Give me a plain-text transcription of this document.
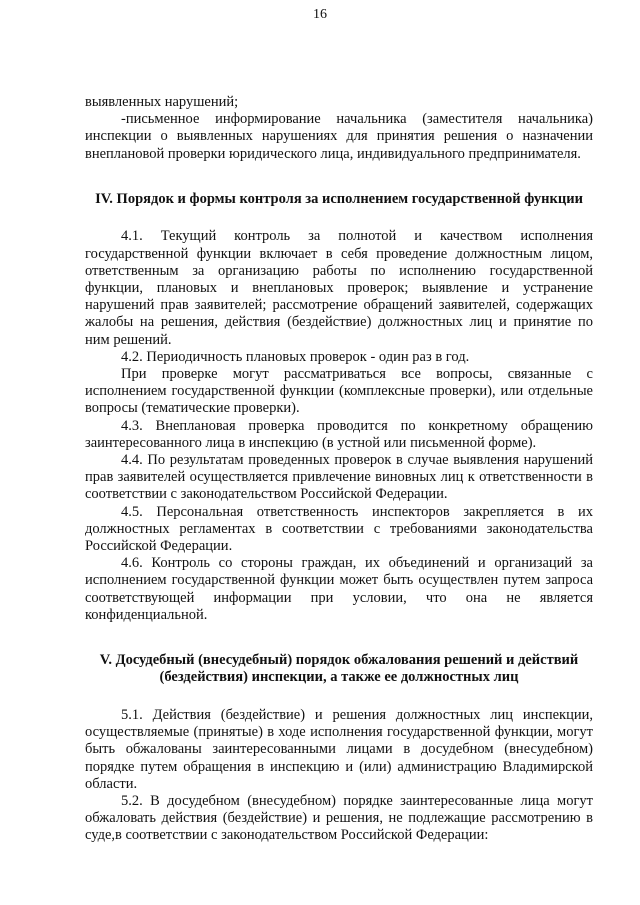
16

выявленных нарушений;

-письменное информирование начальника (заместителя начальника) инспекции о выявленных нарушениях для принятия решения о назначении внеплановой проверки юридического лица, индивидуального предпринимателя.

IV. Порядок и формы контроля за исполнением государственной функции

4.1. Текущий контроль за полнотой и качеством исполнения государственной функции включает в себя проведение должностным лицом, ответственным за организацию работы по исполнению государственной функции, плановых и внеплановых проверок; выявление и устранение нарушений прав заявителей; рассмотрение обращений заявителей, содержащих жалобы на решения, действия (бездействие) должностных лиц и принятие по ним решений.

4.2. Периодичность плановых проверок - один раз в год.

При проверке могут рассматриваться все вопросы, связанные с исполнением государственной функции (комплексные проверки), или отдельные вопросы (тематические проверки).

4.3. Внеплановая проверка проводится по конкретному обращению заинтересованного лица в инспекцию (в устной или письменной форме).

4.4. По результатам проведенных проверок в случае выявления нарушений прав заявителей осуществляется привлечение виновных лиц к ответственности в соответствии с законодательством Российской Федерации.

4.5. Персональная ответственность инспекторов закрепляется в их должностных регламентах в соответствии с требованиями законодательства Российской Федерации.

4.6. Контроль со стороны граждан, их объединений и организаций за исполнением государственной функции может быть осуществлен путем запроса соответствующей информации при условии, что она не является конфиденциальной.

V. Досудебный (внесудебный) порядок обжалования решений и действий (бездействия) инспекции, а также ее должностных лиц

5.1. Действия (бездействие) и решения должностных лиц инспекции, осуществляемые (принятые) в ходе исполнения государственной функции, могут быть обжалованы заинтересованными лицами в досудебном (внесудебном) порядке путем обращения в инспекцию и (или) администрацию Владимирской области.

5.2. В досудебном (внесудебном) порядке заинтересованные лица могут обжаловать действия (бездействие) и решения, не подлежащие рассмотрению в суде,в соответствии с законодательством Российской Федерации:
